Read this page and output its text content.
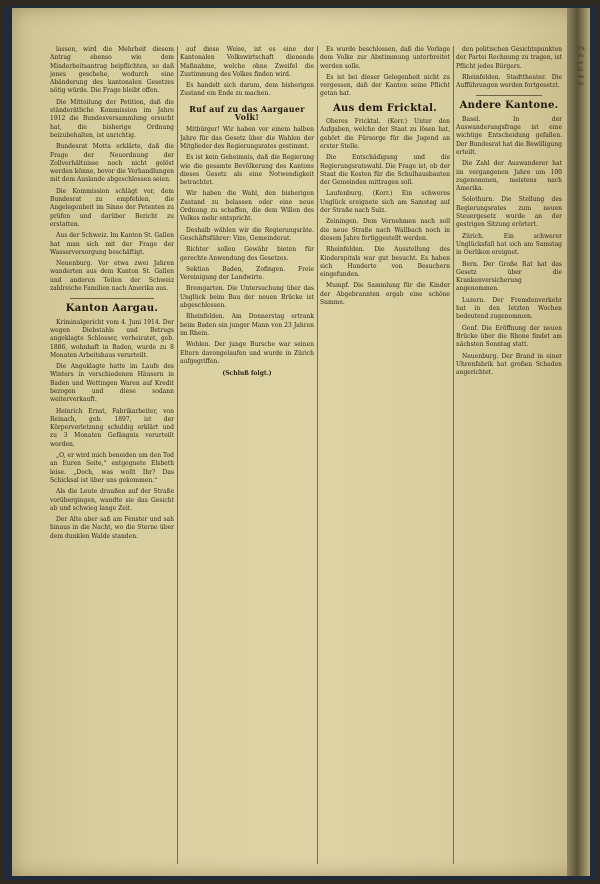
lassen, wird die Mehrheit diesem Antrag ebenso wie dem Minderheitsantrag beipflichten, so daß jenes geschehe, wodurch eine Abänderung des kantonalen Gesetzes nötig würde. Die Frage bleibt offen.

Die Mitteilung der Petition, daß die ständerätliche Kommission im Jahre 1912 die Bundesversammlung ersucht hat, die bisherige Ordnung beizubehalten, ist unrichtig.

Bundesrat Motta erklärte, daß die Frage der Neuordnung der Zollverhältnisse noch nicht gelöst werden könne, bevor die Verhandlungen mit dem Auslande abgeschlossen seien.

Die Kommission schlägt vor, dem Bundesrat zu empfehlen, die Angelegenheit im Sinne der Petenten zu prüfen und darüber Bericht zu erstatten.

Aus der Schweiz. Im Kanton St. Gallen hat man sich mit der Frage der Wasserversorgung beschäftigt.

Neuenburg. Vor etwa zwei Jahren wanderten aus dem Kanton St. Gallen und anderen Teilen der Schweiz zahlreiche Familien nach Amerika aus.

Kanton Aargau.

Kriminalgericht vom 4. Juni 1914. Der wegen Diebstahls und Betrugs angeklagte Schlosser, verheiratet, geb. 1886, wohnhaft in Baden, wurde zu 8 Monaten Arbeitshaus verurteilt.

Die Angeklagte hatte im Laufe des Winters in verschiedenen Häusern in Baden und Wettingen Waren auf Kredit bezogen und diese sodann weiterverkauft.

Heinrich Ernst, Fabrikarbeiter, von Reinach, geb. 1897, ist der Körperverletzung schuldig erklärt und zu 3 Monaten Gefängnis verurteilt worden.

„O, er wird mich beneiden um den Tod an Euren Seite,“ entgegnete Elsbeth leise. „Doch, was wollt Ihr? Das Schicksal ist über uns gekommen.“

Als die Leute draußen auf der Straße vorübergingen, wandte sie das Gesicht ab und schwieg lange Zeit.

Der Alte aber saß am Fenster und sah hinaus in die Nacht, wo die Sterne über dem dunklen Walde standen.

auf diese Weise, ist es eine der Kantonalen Volkswirtschaft dienende Maßnahme, welche ohne Zweifel die Zustimmung des Volkes finden wird.

Es handelt sich darum, dem bisherigen Zustand ein Ende zu machen.

Ruf auf zu das Aargauer Volk!

Mitbürger! Wir haben vor einem halben Jahre für das Gesetz über die Wahlen der Mitglieder des Regierungsrates gestimmt.

Es ist kein Geheimnis, daß die Regierung wie die gesamte Bevölkerung des Kantons dieses Gesetz als eine Notwendigkeit betrachtet.

Wir haben die Wahl, den bisherigen Zustand zu belassen oder eine neue Ordnung zu schaffen, die dem Willen des Volkes mehr entspricht.

Deshalb wählen wir die Regierungsräte. Geschäftsführer: Vize, Gemeinderat.

Richter sollen Gewähr bieten für gerechte Anwendung des Gesetzes.

Sektion Baden, Zofingen. Freie Vereinigung der Landwirte.

Bremgarten. Die Untersuchung über das Unglück beim Bau der neuen Brücke ist abgeschlossen.

Rheinfelden. Am Donnerstag ertrank beim Baden ein junger Mann von 23 Jahren im Rhein.

Wohlen. Der junge Bursche war seinen Eltern davongelaufen und wurde in Zürich aufgegriffen.

(Schluß folgt.)

Es wurde beschlossen, daß die Vorlage dem Volke zur Abstimmung unterbreitet werden solle.

Es ist bei dieser Gelegenheit nicht zu vergessen, daß der Kanton seine Pflicht getan hat.

Aus dem Fricktal.

Oberes Fricktal. (Korr.) Unter den Aufgaben, welche der Staat zu lösen hat, gehört die Fürsorge für die Jugend an erster Stelle.

Die Entschädigung und die Regierungsratswahl. Die Frage ist, ob der Staat die Kosten für die Schulhausbauten der Gemeinden mittragen soll.

Laufenburg. (Korr.) Ein schweres Unglück ereignete sich am Samstag auf der Straße nach Sulz.

Zeiningen. Dem Vernehmen nach soll die neue Straße nach Wallbach noch in diesem Jahre fertiggestellt werden.

Rheinfelden. Die Ausstellung des Kinderspitals war gut besucht. Es haben sich Hunderte von Besuchern eingefunden.

Mumpf. Die Sammlung für die Kinder der Abgebrannten ergab eine schöne Summe.

den politischen Gesichtspunkten der Partei Rechnung zu tragen, ist Pflicht jedes Bürgers.

Rheinfelden. Stadttheater. Die Aufführungen werden fortgesetzt.

Andere Kantone.

Basel. In der Auswanderungsfrage ist eine wichtige Entscheidung gefallen. Der Bundesrat hat die Bewilligung erteilt.

Die Zahl der Auswanderer hat im vergangenen Jahre um 100 zugenommen, meistens nach Amerika.

Solothurn. Die Stellung des Regierungsrates zum neuen Steuergesetz wurde an der gestrigen Sitzung erörtert.

Zürich. Ein schwerer Unglücksfall hat sich am Samstag in Oerlikon ereignet.

Bern. Der Große Rat hat das Gesetz über die Krankenversicherung angenommen.

Luzern. Der Fremdenverkehr hat in den letzten Wochen bedeutend zugenommen.

Genf. Die Eröffnung der neuen Brücke über die Rhone findet am nächsten Sonntag statt.

Neuenburg. Der Brand in einer Uhrenfabrik hat großen Schaden angerichtet.

Th. Po sc fü de Sc
